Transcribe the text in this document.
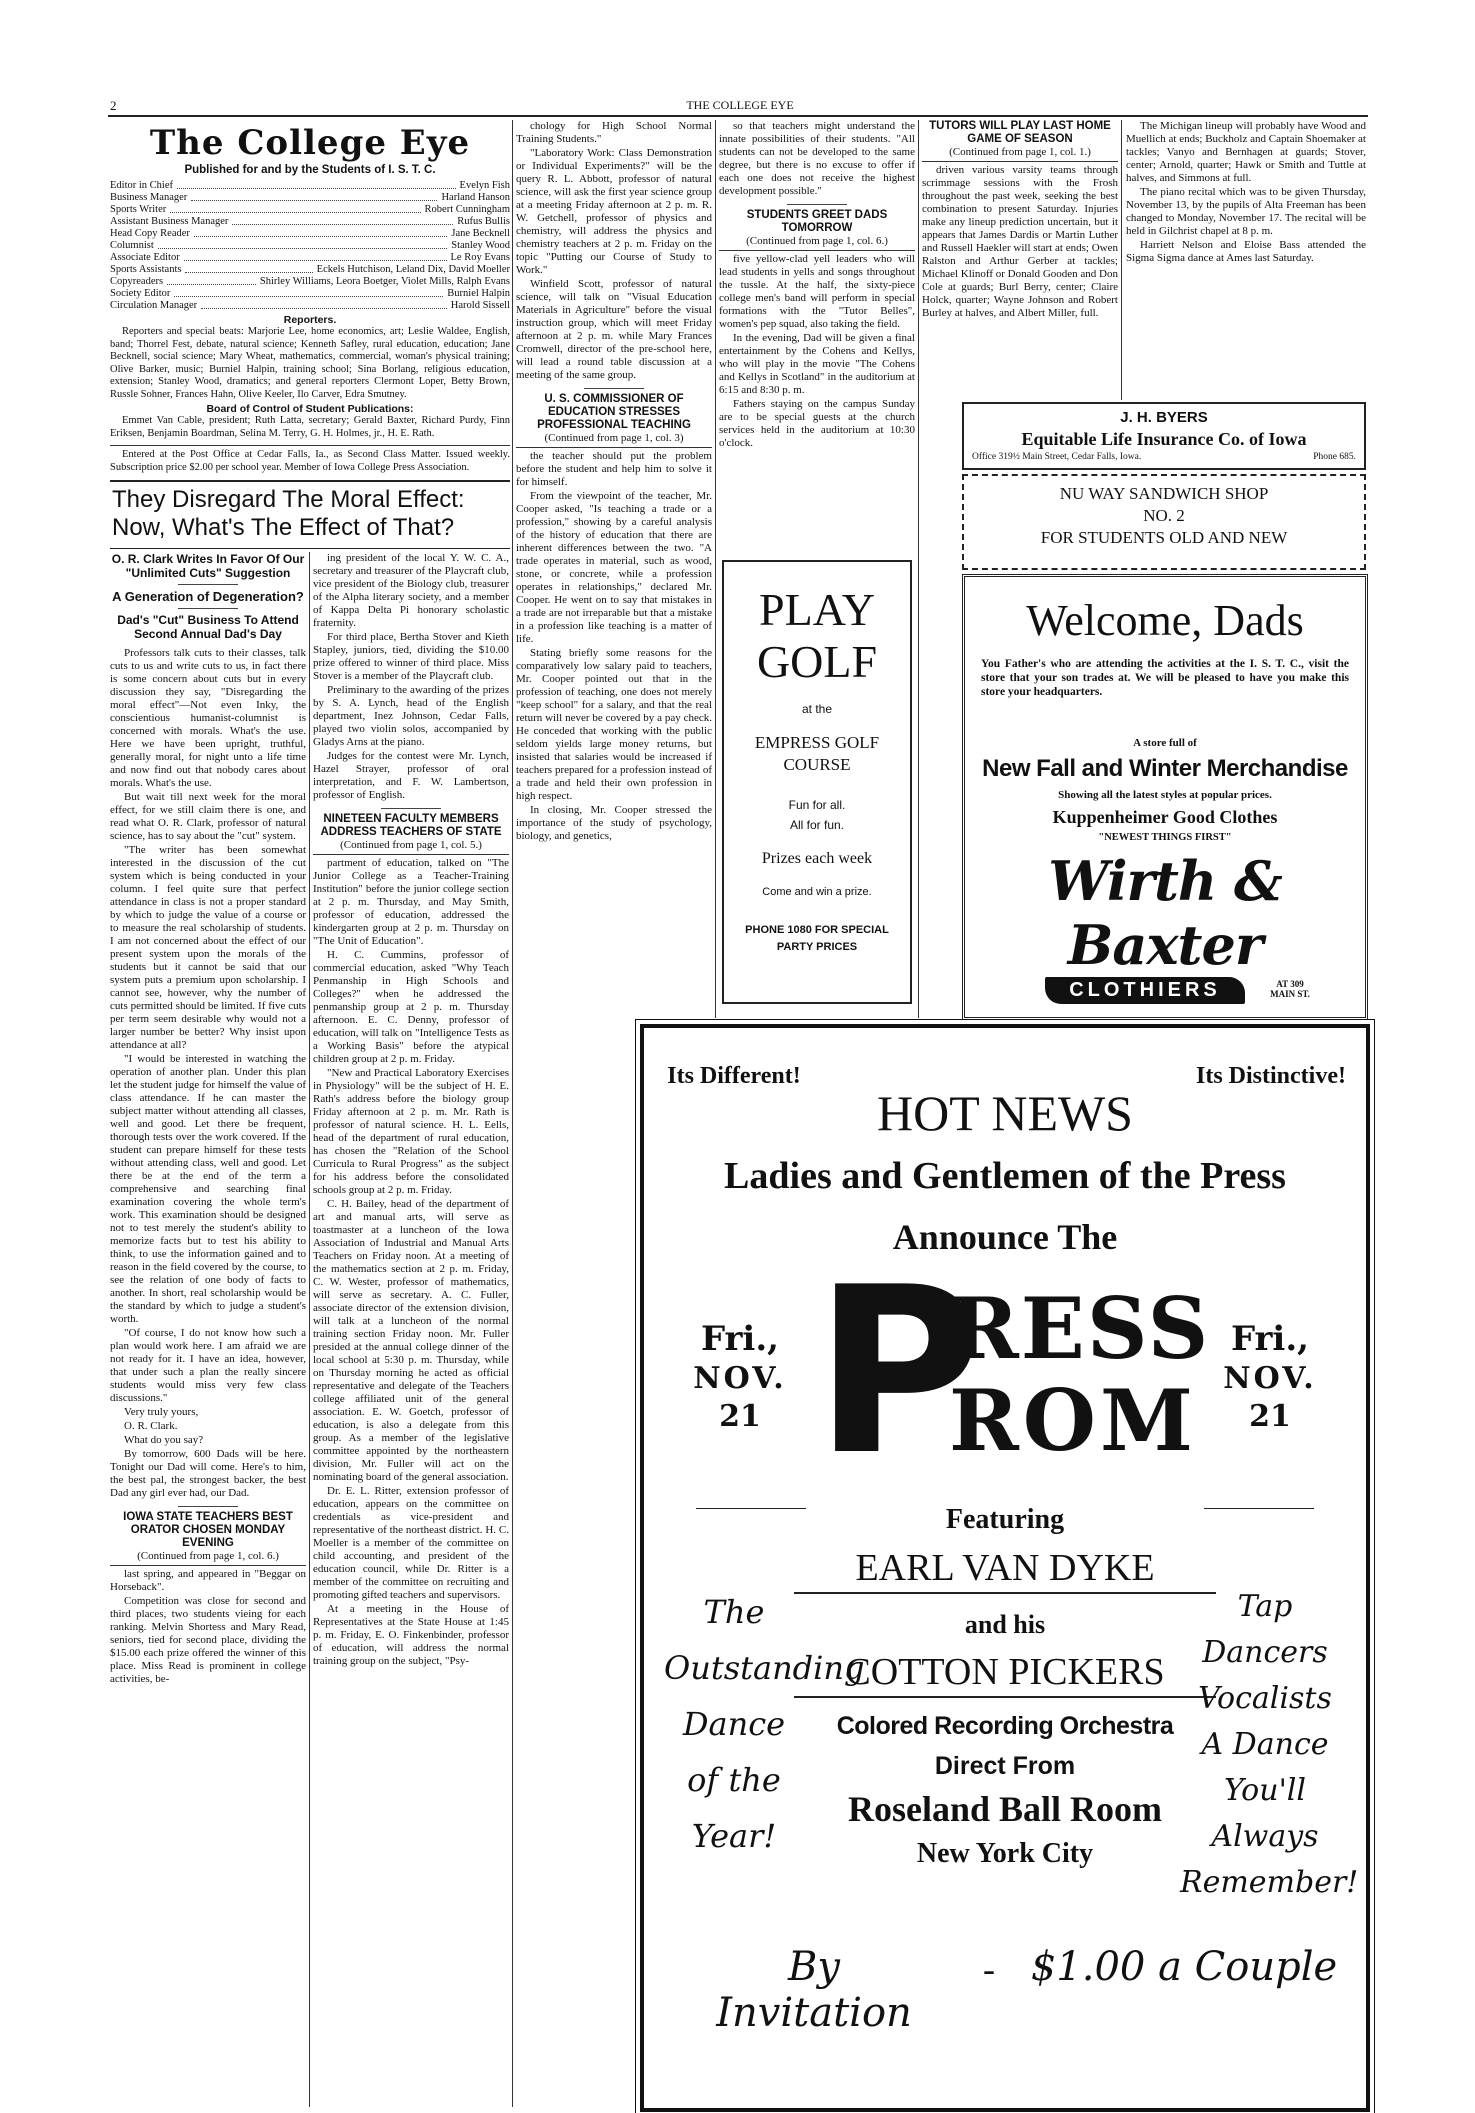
2	THE COLLEGE EYE
The College Eye
Published for and by the Students of I. S. T. C.
Editor in Chief	Evelyn Fish
Business Manager	Harland Hanson
Sports Writer	Robert Cunningham
Assistant Business Manager	Rufus Bullis
Head Copy Reader	Jane Becknell
Columnist	Stanley Wood
Associate Editor	Le Roy Evans
Sports Assistants	Eckels Hutchison, Leland Dix, David Moeller
Copyreaders	Shirley Williams, Leora Boetger, Violet Mills, Ralph Evans
Society Editor	Burniel Halpin
Circulation Manager	Harold Sissell
Reporters.
Reporters and special beats: Marjorie Lee, home economics, art; Leslie Waldee, English, band; Thorrel Fest, debate, natural science; Kenneth Safley, rural education, education; Jane Becknell, social science; Mary Wheat, mathematics, commercial, woman's physical training; Olive Barker, music; Burniel Halpin, training school; Sina Borlang, religious education, extension; Stanley Wood, dramatics; and general reporters Clermont Loper, Betty Brown, Russle Sohner, Frances Hahn, Olive Keeler, Ilo Carver, Edra Smutney.
Board of Control of Student Publications:
Emmet Van Cable, president; Ruth Latta, secretary; Gerald Baxter, Richard Purdy, Finn Eriksen, Benjamin Boardman, Selina M. Terry, G. H. Holmes, jr., H. E. Rath.
Entered at the Post Office at Cedar Falls, Ia., as Second Class Matter. Issued weekly. Subscription price $2.00 per school year. Member of Iowa College Press Association.
They Disregard The Moral Effect: Now, What's The Effect of That?
O. R. Clark Writes In Favor Of Our "Unlimited Cuts" Suggestion
A Generation of Degeneration?
Dad's "Cut" Business To Attend Second Annual Dad's Day

Professors talk cuts to their classes, talk cuts to us and write cuts to us, in fact there is some concern about cuts but in every discussion they say, "Disregarding the moral effect"—Not even Inky, the conscientious humanist-columnist is concerned with morals. What's the use. Here we have been upright, truthful, generally moral, for night unto a life time and now find out that nobody cares about morals. What's the use.

But wait till next week for the moral effect, for we still claim there is one, and read what O. R. Clark, professor of natural science, has to say about the "cut" system.

"The writer has been somewhat interested in the discussion of the cut system which is being conducted in your column. I feel quite sure that perfect attendance in class is not a proper standard by which to judge the value of a course or to measure the real scholarship of students. I am not concerned about the effect of our present system upon the morals of the students but it cannot be said that our system puts a premium upon scholarship. I cannot see, however, why the number of cuts permitted should be limited. If five cuts per term seem desirable why would not a larger number be better? Why insist upon attendance at all?

"I would be interested in watching the operation of another plan. Under this plan let the student judge for himself the value of class attendance. If he can master the subject matter without attending all classes, well and good. Let there be frequent, thorough tests over the work covered. If the student can prepare himself for these tests without attending class, well and good. Let there be at the end of the term a comprehensive and searching final examination covering the whole term's work. This examination should be designed not to test merely the student's ability to memorize facts but to test his ability to think, to use the information gained and to reason in the field covered by the course, to see the relation of one body of facts to another. In short, real scholarship would be the standard by which to judge a student's worth.

"Of course, I do not know how such a plan would work here. I am afraid we are not ready for it. I have an idea, however, that under such a plan the really sincere students would miss very few class discussions."

Very truly yours,

O. R. Clark.

What do you say?

By tomorrow, 600 Dads will be here. Tonight our Dad will come. Here's to him, the best pal, the strongest backer, the best Dad any girl ever had, our Dad.

IOWA STATE TEACHERS BEST ORATOR CHOSEN MONDAY EVENING
(Continued from page 1, col. 6.)

last spring, and appeared in "Beggar on Horseback".

Competition was close for second and third places, two students vieing for each ranking. Melvin Shortess and Mary Read, seniors, tied for second place, dividing the $15.00 each prize offered the winner of this place. Miss Read is prominent in college activities, be-

ing president of the local Y. W. C. A., secretary and treasurer of the Playcraft club, vice president of the Biology club, treasurer of the Alpha literary society, and a member of Kappa Delta Pi honorary scholastic fraternity.

For third place, Bertha Stover and Kieth Stapley, juniors, tied, dividing the $10.00 prize offered to winner of third place. Miss Stover is a member of the Playcraft club.

Preliminary to the awarding of the prizes by S. A. Lynch, head of the English department, Inez Johnson, Cedar Falls, played two violin solos, accompanied by Gladys Arns at the piano.

Judges for the contest were Mr. Lynch, Hazel Strayer, professor of oral interpretation, and F. W. Lambertson, professor of English.

NINETEEN FACULTY MEMBERS ADDRESS TEACHERS OF STATE
(Continued from page 1, col. 5.)

partment of education, talked on "The Junior College as a Teacher-Training Institution" before the junior college section at 2 p. m. Thursday, and May Smith, professor of education, addressed the kindergarten group at 2 p. m. Thursday on "The Unit of Education".

H. C. Cummins, professor of commercial education, asked "Why Teach Penmanship in High Schools and Colleges?" when he addressed the penmanship group at 2 p. m. Thursday afternoon. E. C. Denny, professor of education, will talk on "Intelligence Tests as a Working Basis" before the atypical children group at 2 p. m. Friday.

"New and Practical Laboratory Exercises in Physiology" will be the subject of H. E. Rath's address before the biology group Friday afternoon at 2 p. m. Mr. Rath is professor of natural science. H. L. Eells, head of the department of rural education, has chosen the "Relation of the School Curricula to Rural Progress" as the subject for his address before the consolidated schools group at 2 p. m. Friday.

C. H. Bailey, head of the department of art and manual arts, will serve as toastmaster at a luncheon of the Iowa Association of Industrial and Manual Arts Teachers on Friday noon. At a meeting of the mathematics section at 2 p. m. Friday, C. W. Wester, professor of mathematics, will serve as secretary. A. C. Fuller, associate director of the extension division, will talk at a luncheon of the normal training section Friday noon. Mr. Fuller presided at the annual college dinner of the local school at 5:30 p. m. Thursday, while on Thursday morning he acted as official representative and delegate of the Teachers college affiliated unit of the general association. E. W. Goetch, professor of education, is also a delegate from this group. As a member of the legislative committee appointed by the northeastern division, Mr. Fuller will act on the nominating board of the general association.

Dr. E. L. Ritter, extension professor of education, appears on the committee on credentials as vice-president and representative of the northeast district. H. C. Moeller is a member of the committee on child accounting, and president of the education council, while Dr. Ritter is a member of the committee on recruiting and promoting gifted teachers and supervisors.

At a meeting in the House of Representatives at the State House at 1:45 p. m. Friday, E. O. Finkenbinder, professor of education, will address the normal training group on the subject, "Psy-

chology for High School Normal Training Students."

"Laboratory Work: Class Demonstration or Individual Experiments?" will be the query R. L. Abbott, professor of natural science, will ask the first year science group at a meeting Friday afternoon at 2 p. m. R. W. Getchell, professor of physics and chemistry, will address the physics and chemistry teachers at 2 p. m. Friday on the topic "Putting our Course of Study to Work."

Winfield Scott, professor of natural science, will talk on "Visual Education Materials in Agriculture" before the visual instruction group, which will meet Friday afternoon at 2 p. m. while Mary Frances Cromwell, director of the pre-school here, will lead a round table discussion at a meeting of the same group.

U. S. COMMISSIONER OF EDUCATION STRESSES PROFESSIONAL TEACHING
(Continued from page 1, col. 3)

the teacher should put the problem before the student and help him to solve it for himself.

From the viewpoint of the teacher, Mr. Cooper asked, "Is teaching a trade or a profession," showing by a careful analysis of the history of education that there are inherent differences between the two. "A trade operates in material, such as wood, stone, or concrete, while a profession operates in relationships," declared Mr. Cooper. He went on to say that mistakes in a trade are not irreparable but that a mistake in a profession like teaching is a matter of life.

Stating briefly some reasons for the comparatively low salary paid to teachers, Mr. Cooper pointed out that in the profession of teaching, one does not merely "keep school" for a salary, and that the real return will never be covered by a pay check. He conceded that working with the public seldom yields large money returns, but insisted that salaries would be increased if teachers prepared for a profession instead of a trade and held their own profession in high respect.

In closing, Mr. Cooper stressed the importance of the study of psychology, biology, and genetics,

so that teachers might understand the innate possibilities of their students. "All students can not be developed to the same degree, but there is no excuse to offer if each one does not receive the highest development possible."

STUDENTS GREET DADS TOMORROW
(Continued from page 1, col. 6.)

five yellow-clad yell leaders who will lead students in yells and songs throughout the tussle. At the half, the sixty-piece college men's band will perform in special formations with the "Tutor Belles", women's pep squad, also taking the field.

In the evening, Dad will be given a final entertainment by the Cohens and Kellys, who will play in the movie "The Cohens and Kellys in Scotland" in the auditorium at 6:15 and 8:30 p. m.

Fathers staying on the campus Sunday are to be special guests at the church services held in the auditorium at 10:30 o'clock.

PLAY
GOLF
at the
EMPRESS GOLF COURSE
Fun for all.
All for fun.
Prizes each week
Come and win a prize.
PHONE 1080 FOR SPECIAL PARTY PRICES
TUTORS WILL PLAY LAST HOME GAME OF SEASON
(Continued from page 1, col. 1.)

driven various varsity teams through scrimmage sessions with the Frosh throughout the past week, seeking the best combination to present Saturday. Injuries make any lineup prediction uncertain, but it appears that James Dardis or Martin Luther and Russell Haekler will start at ends; Owen Ralston and Arthur Gerber at tackles; Michael Klinoff or Donald Gooden and Don Cole at guards; Burl Berry, center; Claire Holck, quarter; Wayne Johnson and Robert Burley at halves, and Albert Miller, full.

The Michigan lineup will probably have Wood and Muellich at ends; Buckholz and Captain Shoemaker at tackles; Vanyo and Bernhagen at guards; Stover, center; Arnold, quarter; Hawk or Smith and Tuttle at halves, and Simmons at full.

The piano recital which was to be given Thursday, November 13, by the pupils of Alta Freeman has been changed to Monday, November 17. The recital will be held in Gilchrist chapel at 8 p. m.

Harriett Nelson and Eloise Bass attended the Sigma Sigma dance at Ames last Saturday.

J. H. BYERS
Equitable Life Insurance Co. of Iowa
Office 319½ Main Street, Cedar Falls, Iowa.	Phone 685.
NU WAY SANDWICH SHOP
NO. 2
FOR STUDENTS OLD AND NEW
Welcome, Dads
You Father's who are attending the activities at the I. S. T. C., visit the store that your son trades at. We will be pleased to have you make this store your headquarters.
A store full of
New Fall and Winter Merchandise
Showing all the latest styles at popular prices.
Kuppenheimer Good Clothes
"NEWEST THINGS FIRST"
Wirth & Baxter
CLOTHIERS	AT 309 MAIN ST.
Its Different!	Its Distinctive!
HOT NEWS
Ladies and Gentlemen of the Press
Announce The
Fri.,
NOV.
21 P
RESS
ROM
Fri.,
NOV.
21
Featuring
EARL VAN DYKE
and his
COTTON PICKERS
Colored Recording Orchestra
Direct From
Roseland Ball Room
New York City
The
Outstanding
Dance
of the
Year!
Tap Dancers
Vocalists
A Dance
You'll
Always
Remember!
By Invitation
- $1.00 a Couple
